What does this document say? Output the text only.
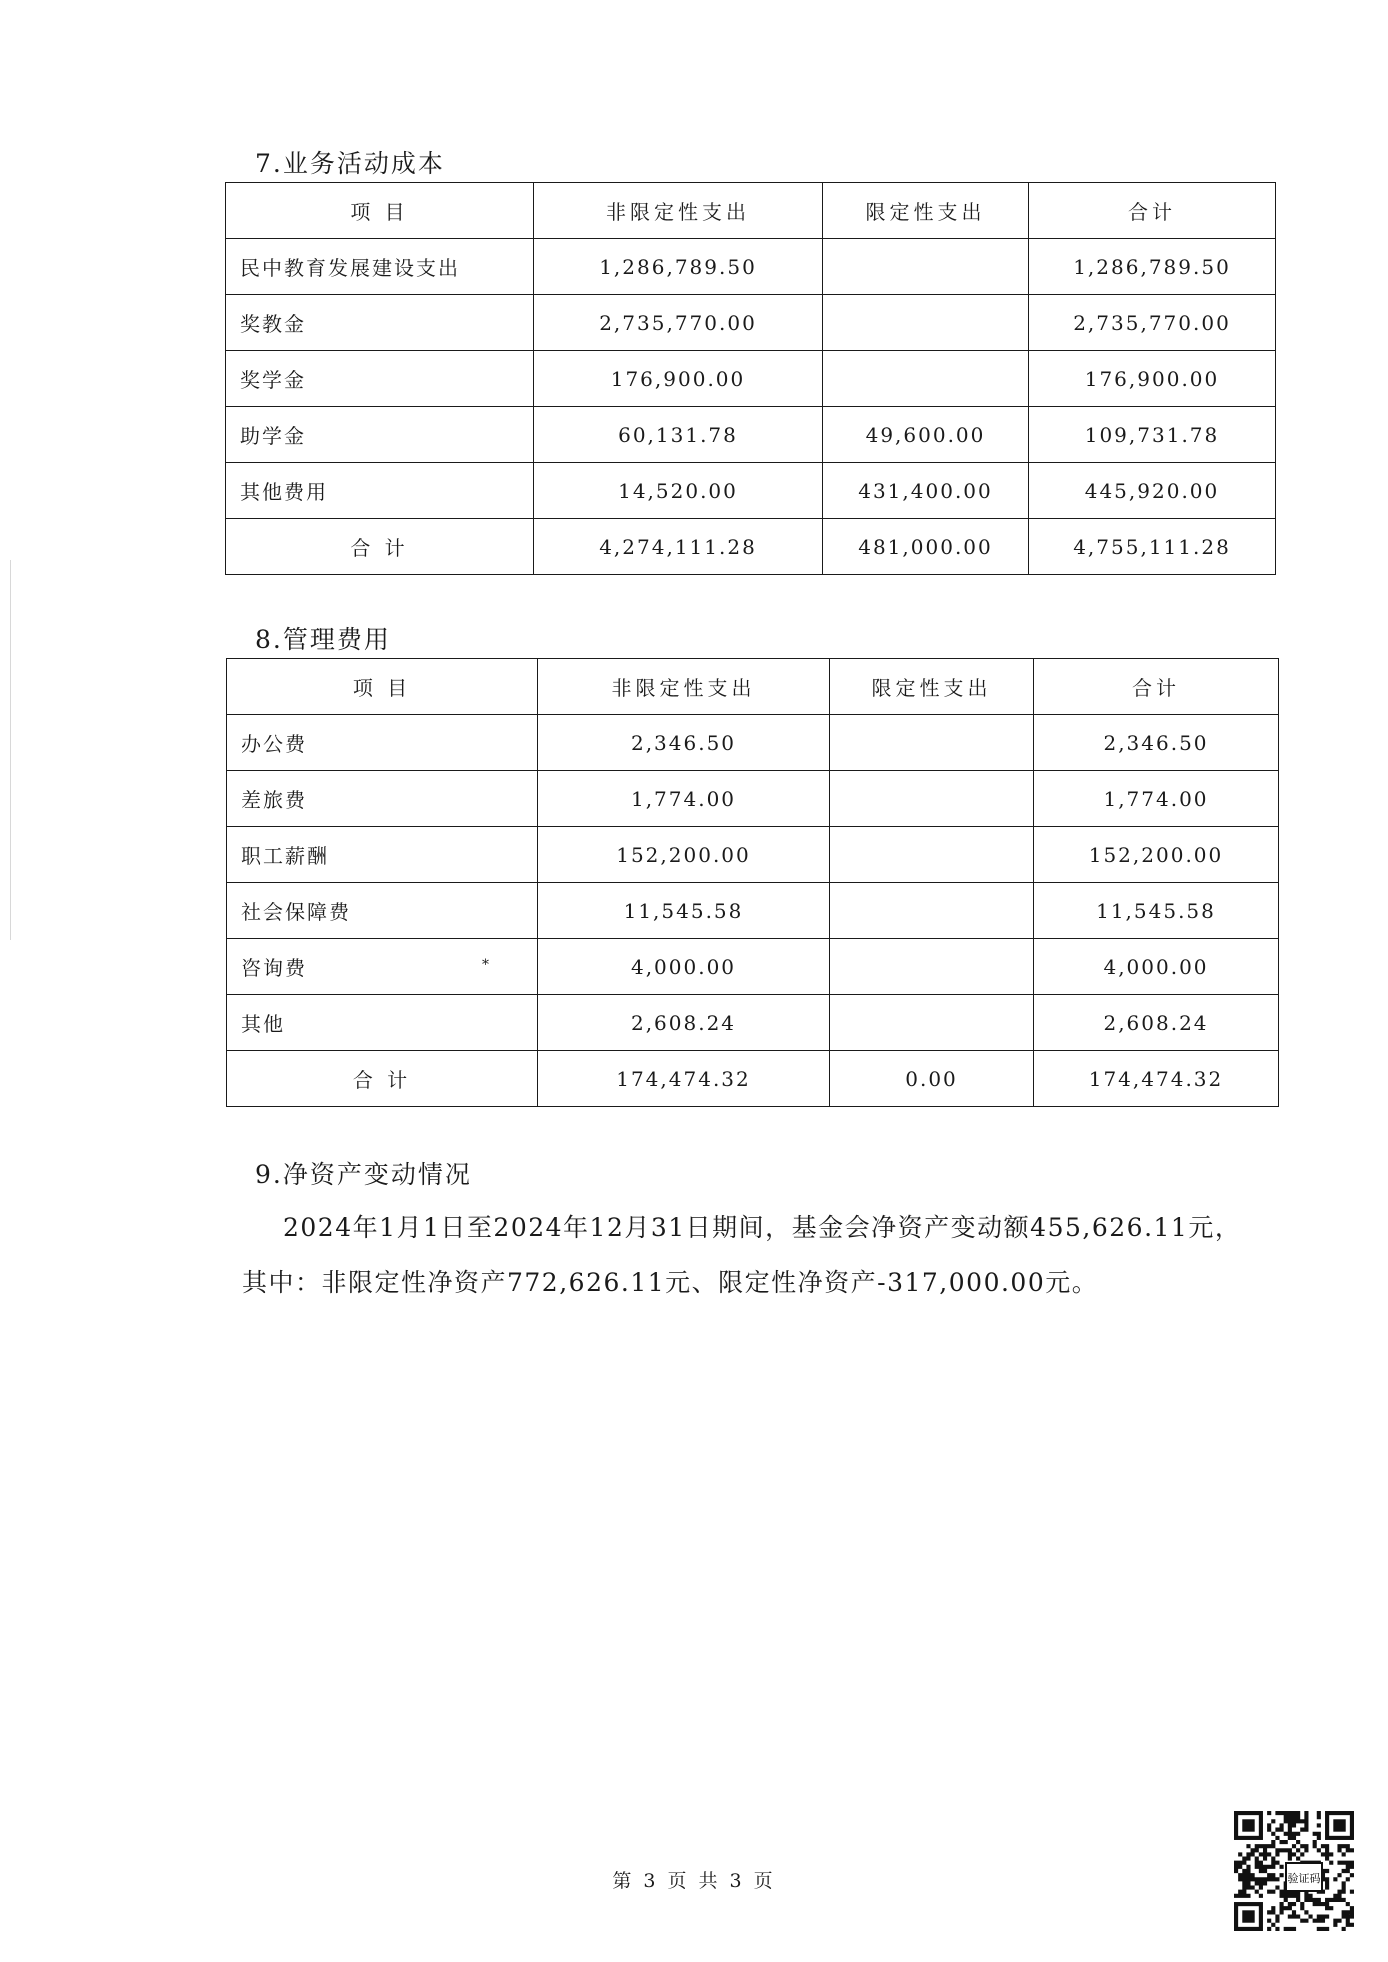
7.业务活动成本
项 目	非限定性支出	限定性支出	合计
民中教育发展建设支出	1,286,789.50		1,286,789.50
奖教金	2,735,770.00		2,735,770.00
奖学金	176,900.00		176,900.00
助学金	60,131.78	49,600.00	109,731.78
其他费用	14,520.00	431,400.00	445,920.00
合 计	4,274,111.28	481,000.00	4,755,111.28
8.管理费用
项 目	非限定性支出	限定性支出	合计
办公费	2,346.50		2,346.50
差旅费	1,774.00		1,774.00
职工薪酬	152,200.00		152,200.00
社会保障费	11,545.58		11,545.58
咨询费	4,000.00		4,000.00
其他	2,608.24		2,608.24
合 计	174,474.32	0.00	174,474.32
*
9.净资产变动情况
2024年1月1日至2024年12月31日期间，基金会净资产变动额455,626.11元，
其中：非限定性净资产772,626.11元、限定性净资产-317,000.00元。
第 3 页 共 3 页	验证码
